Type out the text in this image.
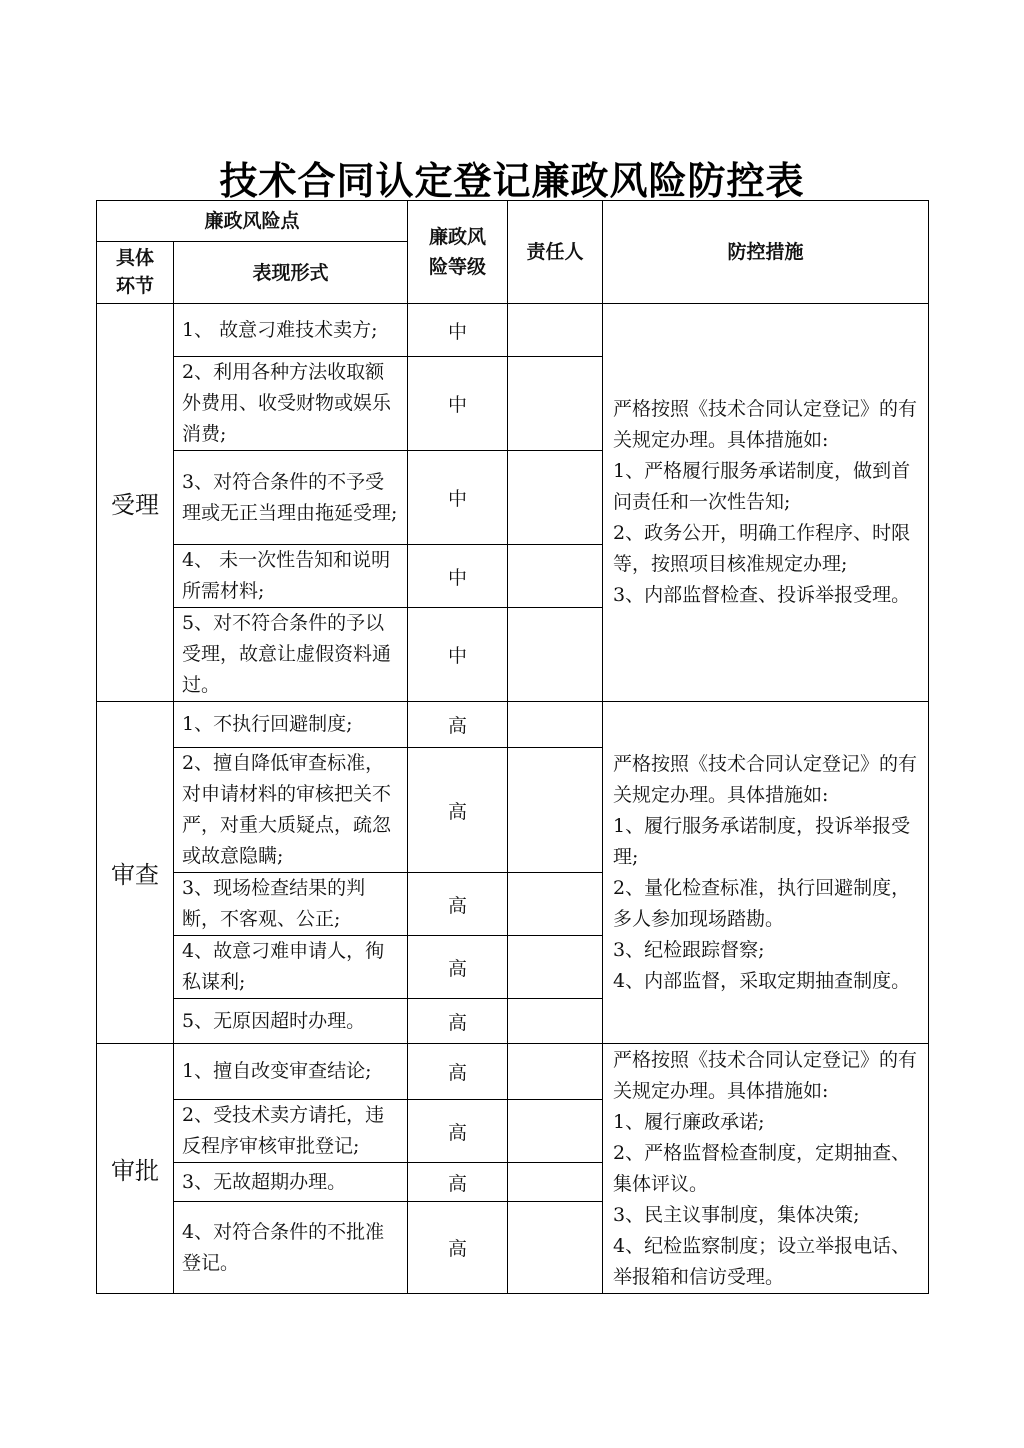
技术合同认定登记廉政风险防控表
廉政风险点		廉政风险等级	责任人	防控措施
具体环节	表现形式			
受理	1、 故意刁难技术卖方;	中		严格按照《技术合同认定登记》的有关规定办理。具体措施如:
1、严格履行服务承诺制度，做到首问责任和一次性告知;
2、政务公开，明确工作程序、时限等，按照项目核准规定办理;
3、内部监督检查、投诉举报受理。

	2、利用各种方法收取额外费用、收受财物或娱乐消费;	中		
	3、对符合条件的不予受理或无正当理由拖延受理;	中		
	4、 未一次性告知和说明所需材料;	中		
	5、对不符合条件的予以受理，故意让虚假资料通过。	中		
审查	1、不执行回避制度;	高		严格按照《技术合同认定登记》的有关规定办理。具体措施如:
1、履行服务承诺制度，投诉举报受理;
2、量化检查标准，执行回避制度，多人参加现场踏勘。
3、纪检跟踪督察;
4、内部监督，采取定期抽查制度。

	2、擅自降低审查标准，对申请材料的审核把关不严，对重大质疑点，疏忽或故意隐瞒;	高		
	3、现场检查结果的判断，不客观、公正;	高		
	4、故意刁难申请人，徇私谋利;	高		
	5、无原因超时办理。	高		
审批	1、擅自改变审查结论;	高		严格按照《技术合同认定登记》的有关规定办理。具体措施如:
1、履行廉政承诺;
2、严格监督检查制度，定期抽查、集体评议。
3、民主议事制度，集体决策;
4、纪检监察制度；设立举报电话、举报箱和信访受理。

	2、受技术卖方请托，违反程序审核审批登记;	高		
	3、无故超期办理。	高		
	4、对符合条件的不批准登记。	高		
